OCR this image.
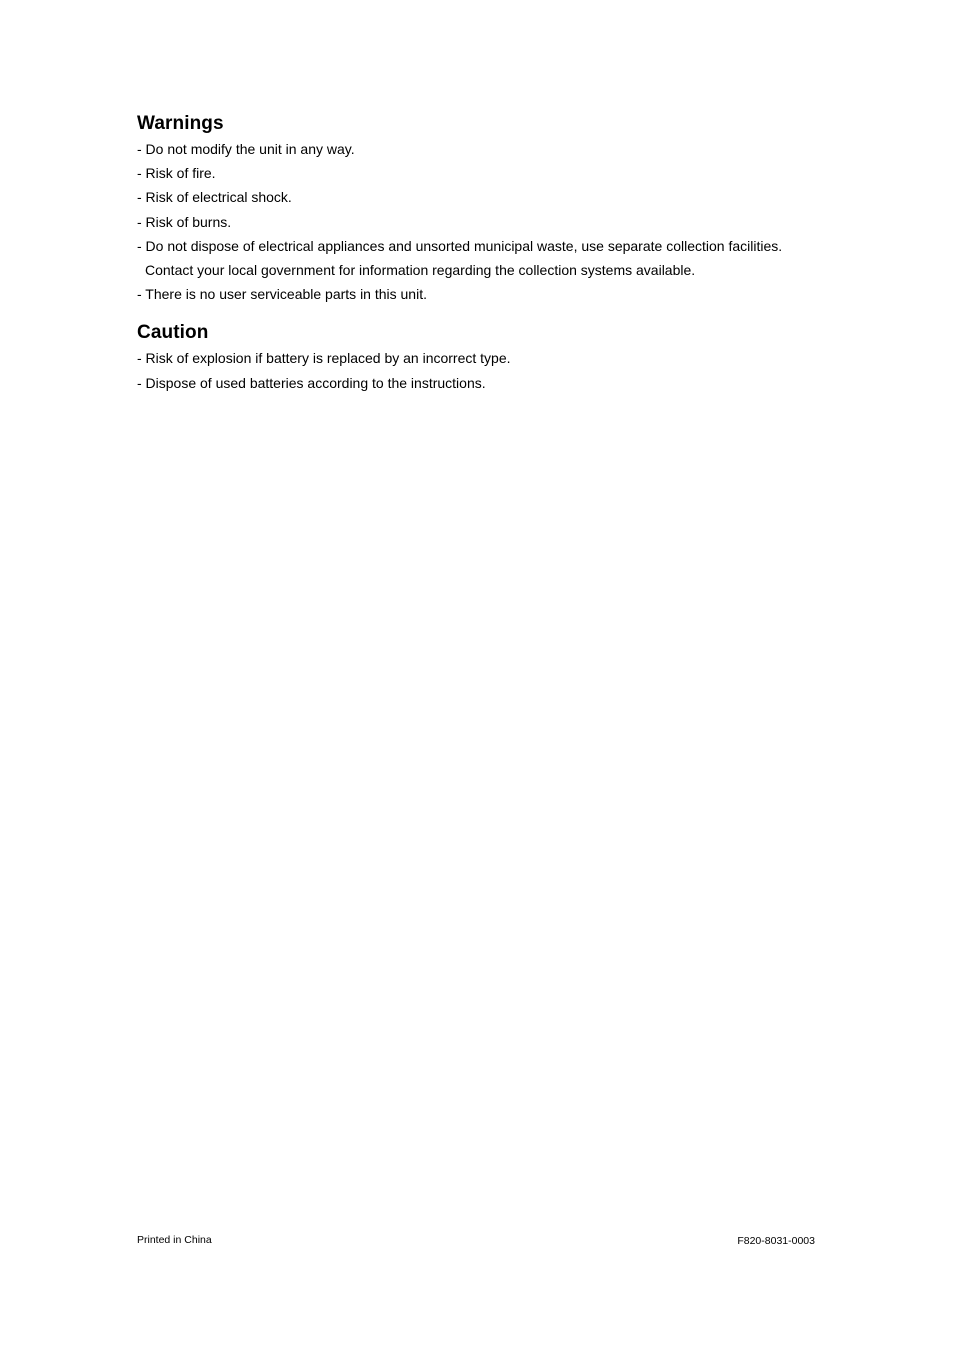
Warnings
- Do not modify the unit in any way.
- Risk of fire.
- Risk of electrical shock.
- Risk of burns.
- Do not dispose of electrical appliances and unsorted municipal waste, use separate collection facilities. Contact your local government for information regarding the collection systems available.
- There is no user serviceable parts in this unit.
Caution
- Risk of explosion if battery is replaced by an incorrect type.
- Dispose of used batteries according to the instructions.
Printed in China	F820-8031-0003
